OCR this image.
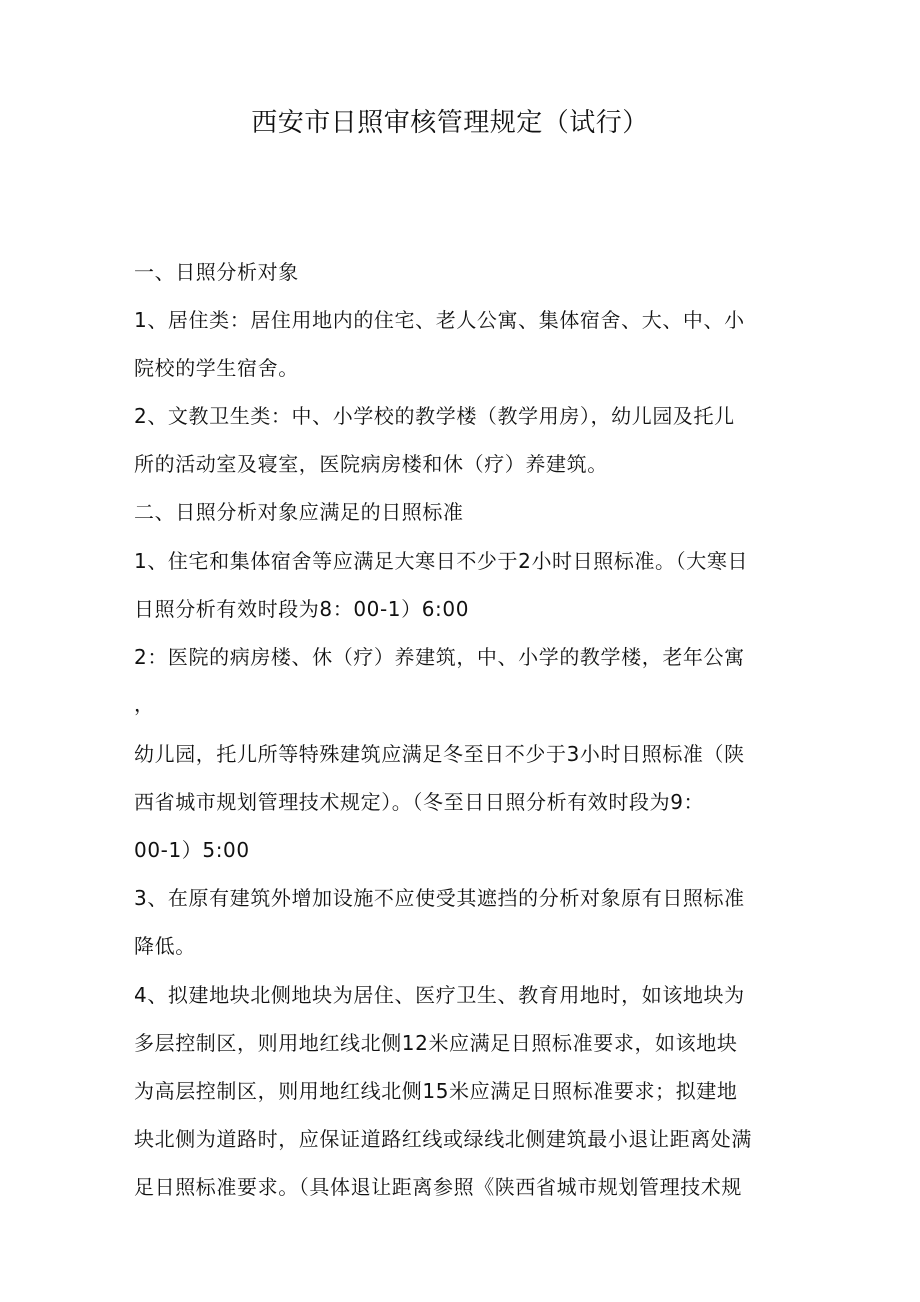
西安市日照审核管理规定（试行）
一、日照分析对象
1、居住类：居住用地内的住宅、老人公寓、集体宿舍、大、中、小
院校的学生宿舍。
2、文教卫生类：中、小学校的教学楼（教学用房），幼儿园及托儿
所的活动室及寝室，医院病房楼和休（疗）养建筑。
二、日照分析对象应满足的日照标准
1、住宅和集体宿舍等应满足大寒日不少于2小时日照标准。（大寒日
日照分析有效时段为8：00-1）6:00
2：医院的病房楼、休（疗）养建筑，中、小学的教学楼，老年公寓
，
幼儿园，托儿所等特殊建筑应满足冬至日不少于3小时日照标准（陕
西省城市规划管理技术规定）。（冬至日日照分析有效时段为9：
00-1）5:00
3、在原有建筑外增加设施不应使受其遮挡的分析对象原有日照标准
降低。
4、拟建地块北侧地块为居住、医疗卫生、教育用地时，如该地块为
多层控制区，则用地红线北侧12米应满足日照标准要求，如该地块
为高层控制区，则用地红线北侧15米应满足日照标准要求；拟建地
块北侧为道路时，应保证道路红线或绿线北侧建筑最小退让距离处满
足日照标准要求。（具体退让距离参照《陕西省城市规划管理技术规
